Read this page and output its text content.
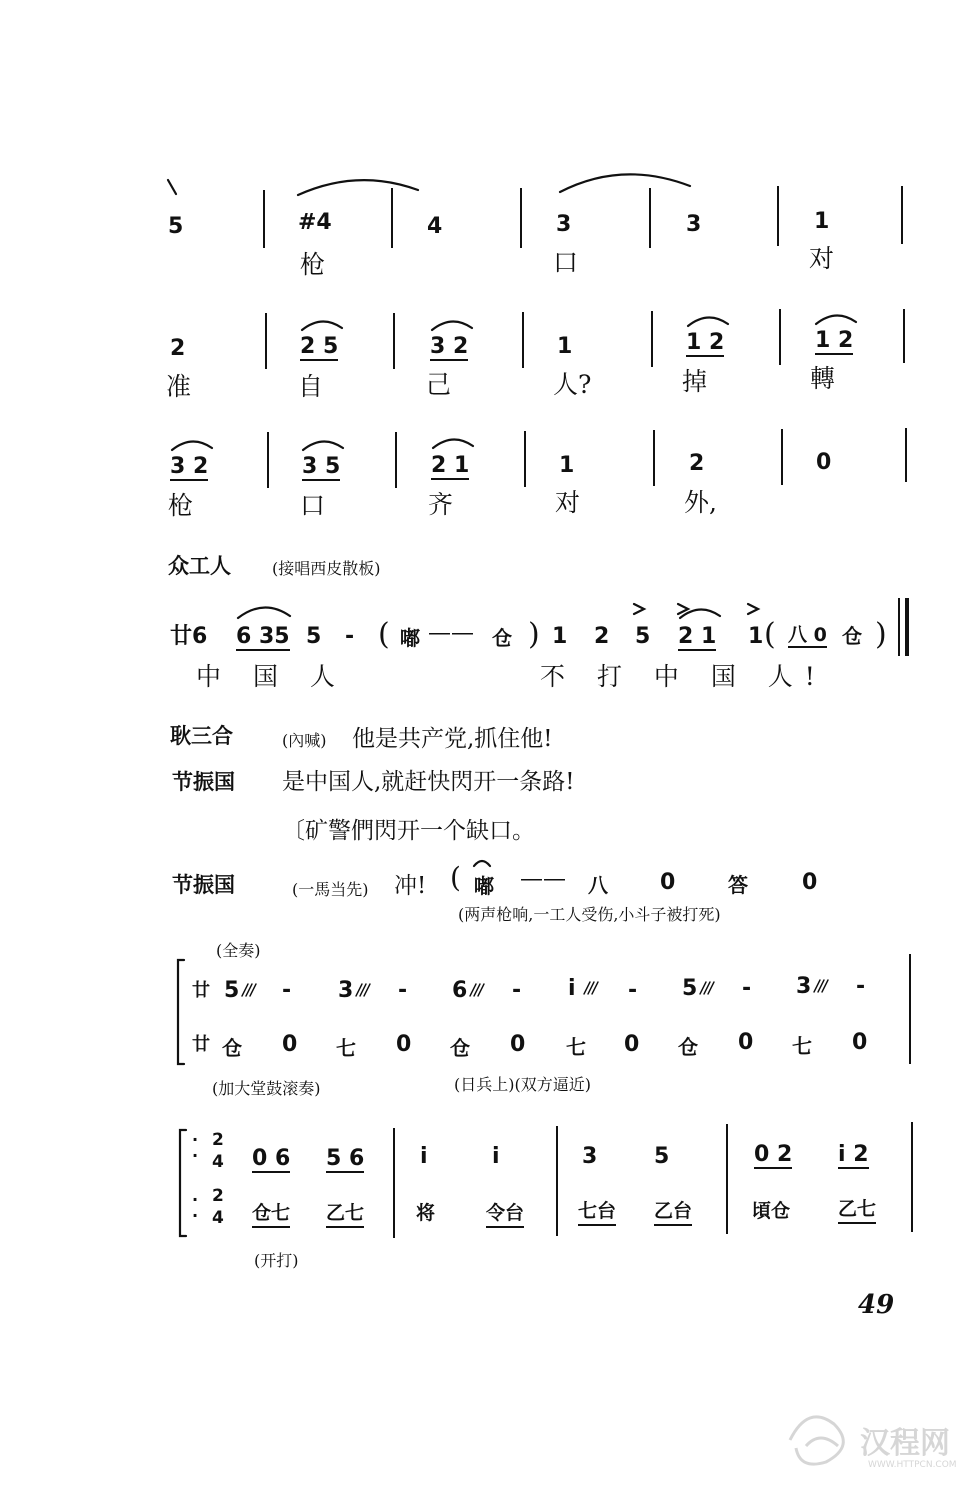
5	#4	4	3	3	1
枪	口	对
2	2 5	3 2	1	1 2	1 2
准	自	己	人?	掉	轉
3 2	3 5	2 1	1	2	0
枪	口	齐	对	外,
众工人	(接唱西皮散板)
廿6 6 35 5 - ( 嘟 —— 仓 ) 1 2 5 2 1 1 ( 八 0 仓 )
中 国 人	不 打 中 国 人!
耿三合	(內喊) 他是共产党,抓住他!
节振国 是中国人,就赶快閃开一条路!
〔矿警們閃开一个缺口。
节振国	(一馬当先) 冲! ( 嘟 —— 八 0	答 0
(两声枪响,一工人受伤,小斗子被打死)
(全奏)
廿 5 - 3 - 6 - i - 5 - 3 -
廿 仓 0 七 0 仓 0 七 0 仓 0 七 0
(加大堂鼓滚奏)	(日兵上)(双方逼近)
2
4
2
4
·
·
·
·
0 6 5 6	i	i	3	5	0 2 i 2
仓七 乙七	将	令台	七台 乙台	頃仓	乙七
(开打)
49
汉程网
WWW.HTTPCN.COM
